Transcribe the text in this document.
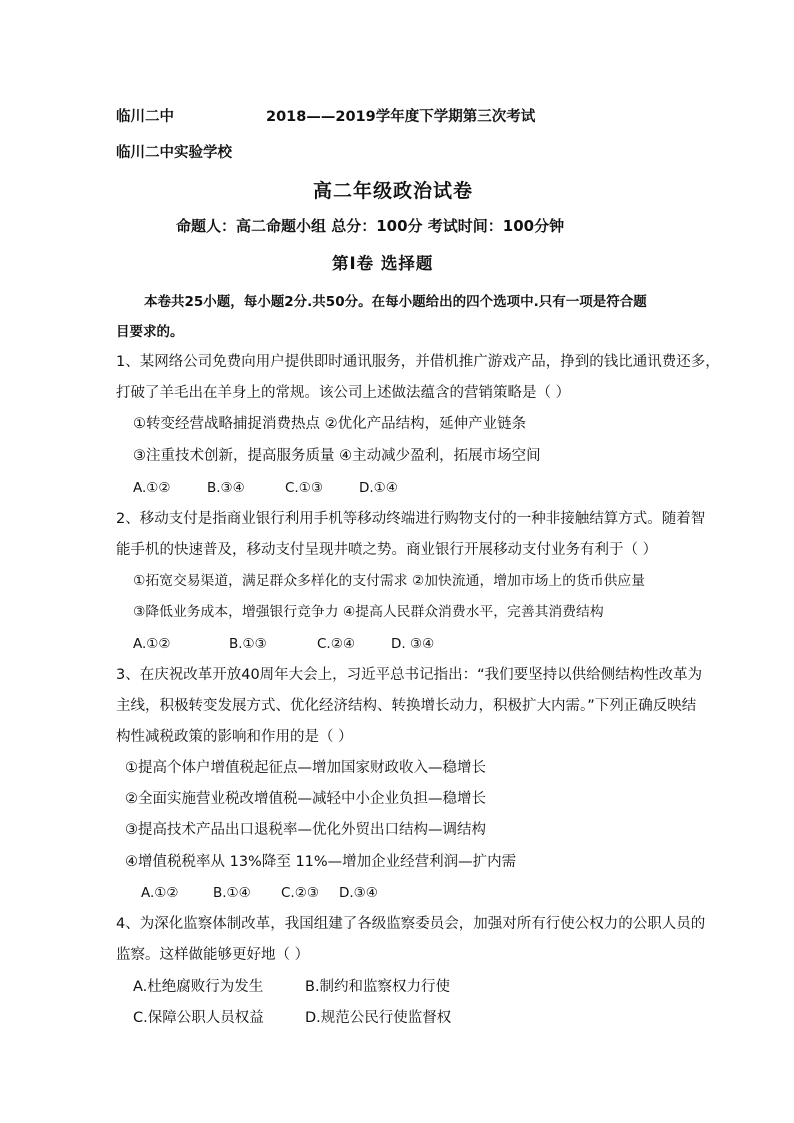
临川二中	2018——2019学年度下学期第三次考试
临川二中实验学校
高二年级政治试卷
命题人：高二命题小组 总分：100分 考试时间：100分钟
第Ⅰ卷 选择题
本卷共25小题，每小题2分.共50分。在每小题给出的四个选项中.只有一项是符合题
目要求的。
1、某网络公司免费向用户提供即时通讯服务，并借机推广游戏产品，挣到的钱比通讯费还多，
打破了羊毛出在羊身上的常规。该公司上述做法蕴含的营销策略是（ ）
①转变经营战略捕捉消费热点 ②优化产品结构，延伸产业链条
③注重技术创新，提高服务质量 ④主动减少盈利，拓展市场空间
A.①②	B.③④	C.①③	D.①④
2、移动支付是指商业银行利用手机等移动终端进行购物支付的一种非接触结算方式。随着智
能手机的快速普及，移动支付呈现井喷之势。商业银行开展移动支付业务有利于（ ）
①拓宽交易渠道，满足群众多样化的支付需求 ②加快流通，增加市场上的货币供应量
③降低业务成本，增强银行竞争力 ④提高人民群众消费水平，完善其消费结构
A.①②	B.①③	C.②④	D. ③④
3、在庆祝改革开放40周年大会上，习近平总书记指出：“我们要坚持以供给侧结构性改革为
主线，积极转变发展方式、优化经济结构、转换增长动力，积极扩大内需。”下列正确反映结
构性减税政策的影响和作用的是（ ）
①提高个体户增值税起征点—增加国家财政收入—稳增长
②全面实施营业税改增值税—减轻中小企业负担—稳增长
③提高技术产品出口退税率—优化外贸出口结构—调结构
④增值税税率从 13%降至 11%—增加企业经营利润—扩内需
A.①②	B.①④ C.②③ D.③④
4、为深化监察体制改革，我国组建了各级监察委员会，加强对所有行使公权力的公职人员的
监察。这样做能够更好地（ ）
A.杜绝腐败行为发生	B.制约和监察权力行使
C.保障公职人员权益	D.规范公民行使监督权
